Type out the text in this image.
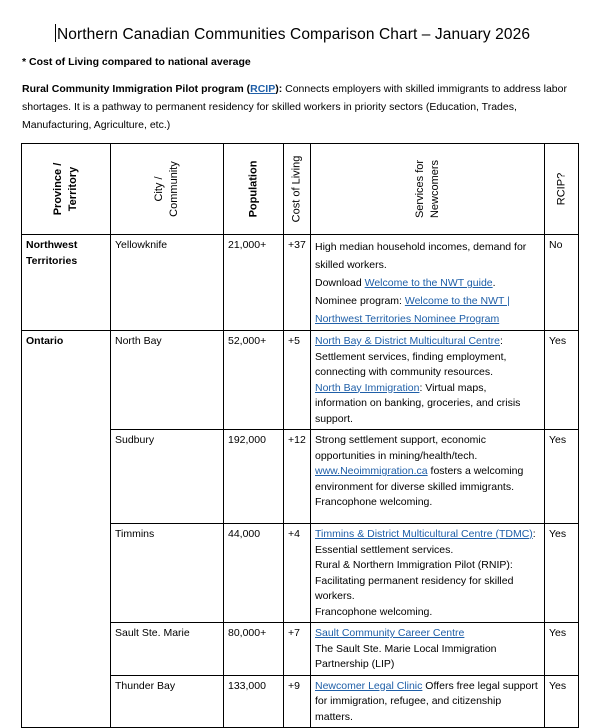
Northern Canadian Communities Comparison Chart – January 2026
* Cost of Living compared to national average
Rural Community Immigration Pilot program (RCIP): Connects employers with skilled immigrants to address labor shortages. It is a pathway to permanent residency for skilled workers in priority sectors (Education, Trades, Manufacturing, Agriculture, etc.)
Province / Territory	City / Community	Population	Cost of Living	Services for Newcomers	RCIP?

Northwest Territories	Yellowknife	21,000+	+37	High median household incomes, demand for skilled workers.
Download Welcome to the NWT guide.
Nominee program: Welcome to the NWT | Northwest Territories Nominee Program	No
Ontario	North Bay	52,000+	+5	North Bay & District Multicultural Centre: Settlement services, finding employment, connecting with community resources.
North Bay Immigration: Virtual maps, information on banking, groceries, and crisis support.	Yes
	Sudbury	192,000	+12	Strong settlement support, economic opportunities in mining/health/tech.
www.Neoimmigration.ca fosters a welcoming environment for diverse skilled immigrants.
Francophone welcoming.	Yes
	Timmins	44,000	+4	Timmins & District Multicultural Centre (TDMC): Essential settlement services.
Rural & Northern Immigration Pilot (RNIP): Facilitating permanent residency for skilled workers.
Francophone welcoming.	Yes
	Sault Ste. Marie	80,000+	+7	Sault Community Career Centre
The Sault Ste. Marie Local Immigration Partnership (LIP)	Yes
	Thunder Bay	133,000	+9	Newcomer Legal Clinic Offers free legal support for immigration, refugee, and citizenship matters.	Yes
